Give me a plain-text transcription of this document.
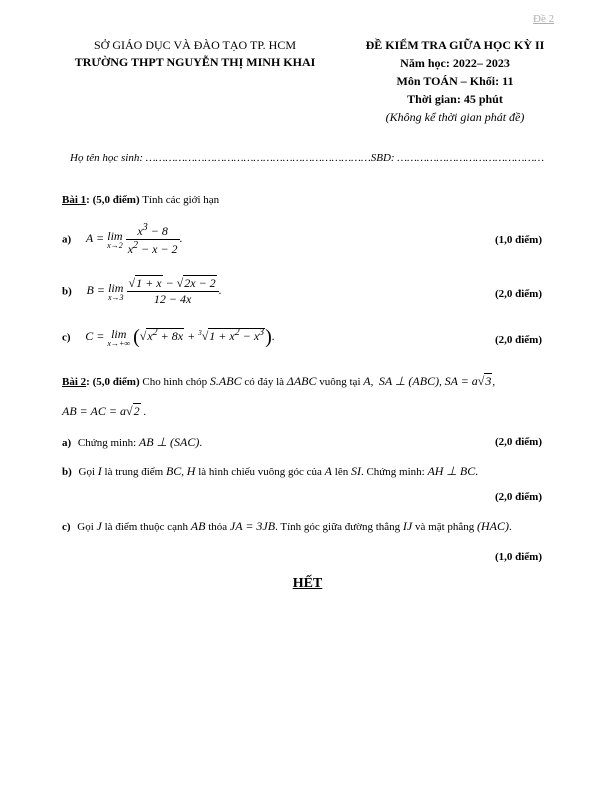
Đề 2
SỞ GIÁO DỤC VÀ ĐÀO TẠO TP. HCM
TRƯỜNG THPT NGUYỄN THỊ MINH KHAI
ĐỀ KIỂM TRA GIỮA HỌC KỲ II
Năm học: 2022– 2023
Môn TOÁN – Khối: 11
Thời gian: 45 phút
(Không kể thời gian phát đề)
Họ tên học sinh: ……………………………………………………………SBD: ………………………………………
Bài 1: (5,0 điểm) Tính các giới hạn
a) A = lim
x→2
$\frac{x^3 - 8}{x^2 - x - 2}$ .	(1,0 điểm)
b) B = lim
x→3
$\frac{√1 + x - √2x - 2}{12 - 4x}$ .	(2,0 điểm)
c) C = lim
x→+∞ $(√x^2 + 8x + ^3√1 + x^2 - x^3)$.	(2,0 điểm)
Bài 2: (5,0 điểm) Cho hình chóp S.ABC có đáy là ΔABC vuông tại A,  SA ⊥ (ABC), SA = a√3,
AB = AC = a√2 .
a) Chứng minh: AB ⊥ (SAC).	(2,0 điểm)
b) Gọi I là trung điểm BC, H là hình chiếu vuông góc của A lên SI. Chứng minh: AH ⊥ BC.
(2,0 điểm)
c) Gọi J là điểm thuộc cạnh AB thỏa JA = 3JB. Tính góc giữa đường thẳng IJ và mặt phẳng (HAC).
(1,0 điểm)
HẾT
